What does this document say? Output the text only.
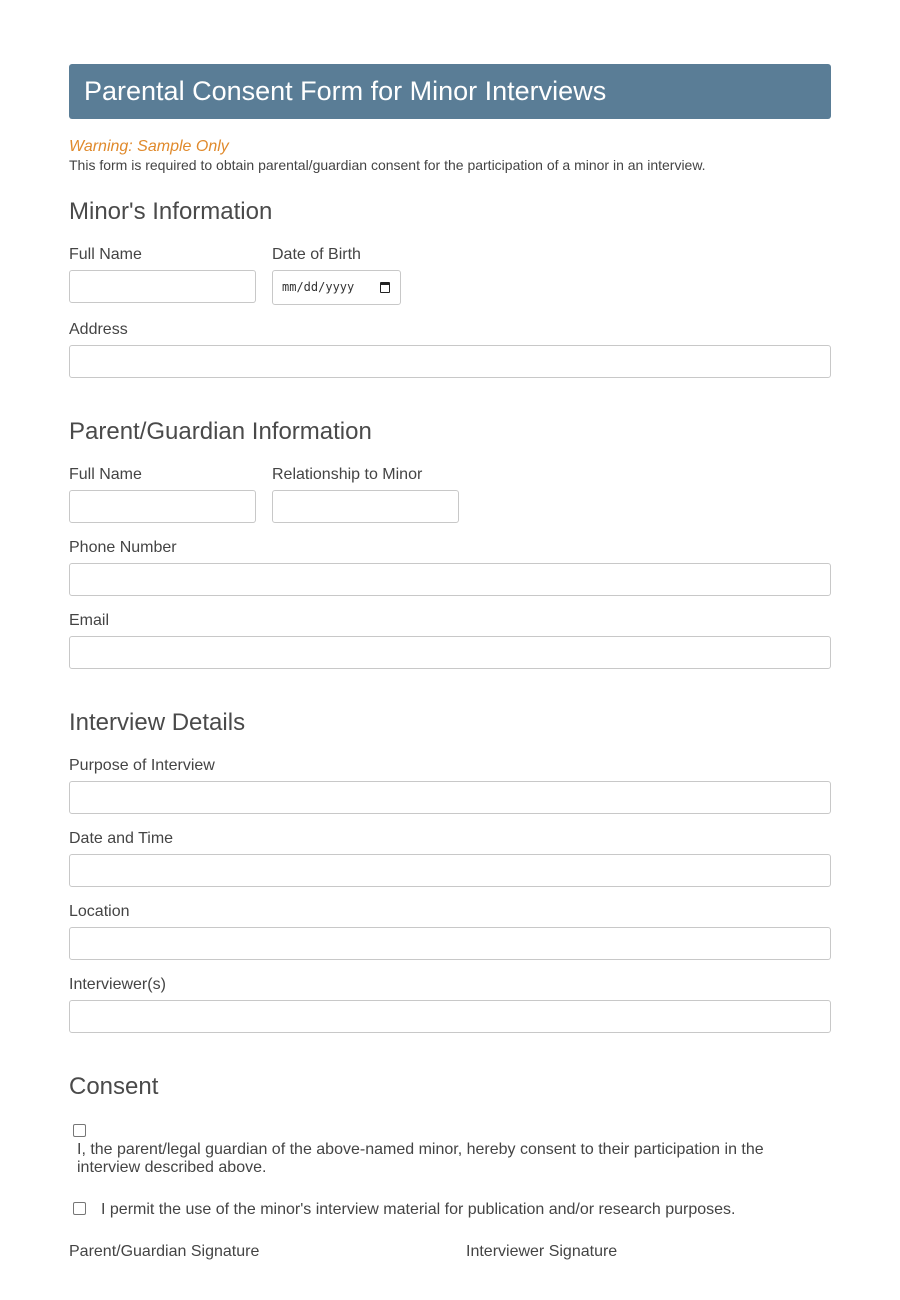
Parental Consent Form for Minor Interviews
Warning: Sample Only
This form is required to obtain parental/guardian consent for the participation of a minor in an interview.
Minor's Information
Full Name	Date of Birth
mm/dd/yyyy
Address
Parent/Guardian Information
Full Name	Relationship to Minor
Phone Number
Email
Interview Details
Purpose of Interview
Date and Time
Location
Interviewer(s)
Consent
I, the parent/legal guardian of the above-named minor, hereby consent to their participation in the interview described above.
I permit the use of the minor's interview material for publication and/or research purposes.
Parent/Guardian Signature	Interviewer Signature
